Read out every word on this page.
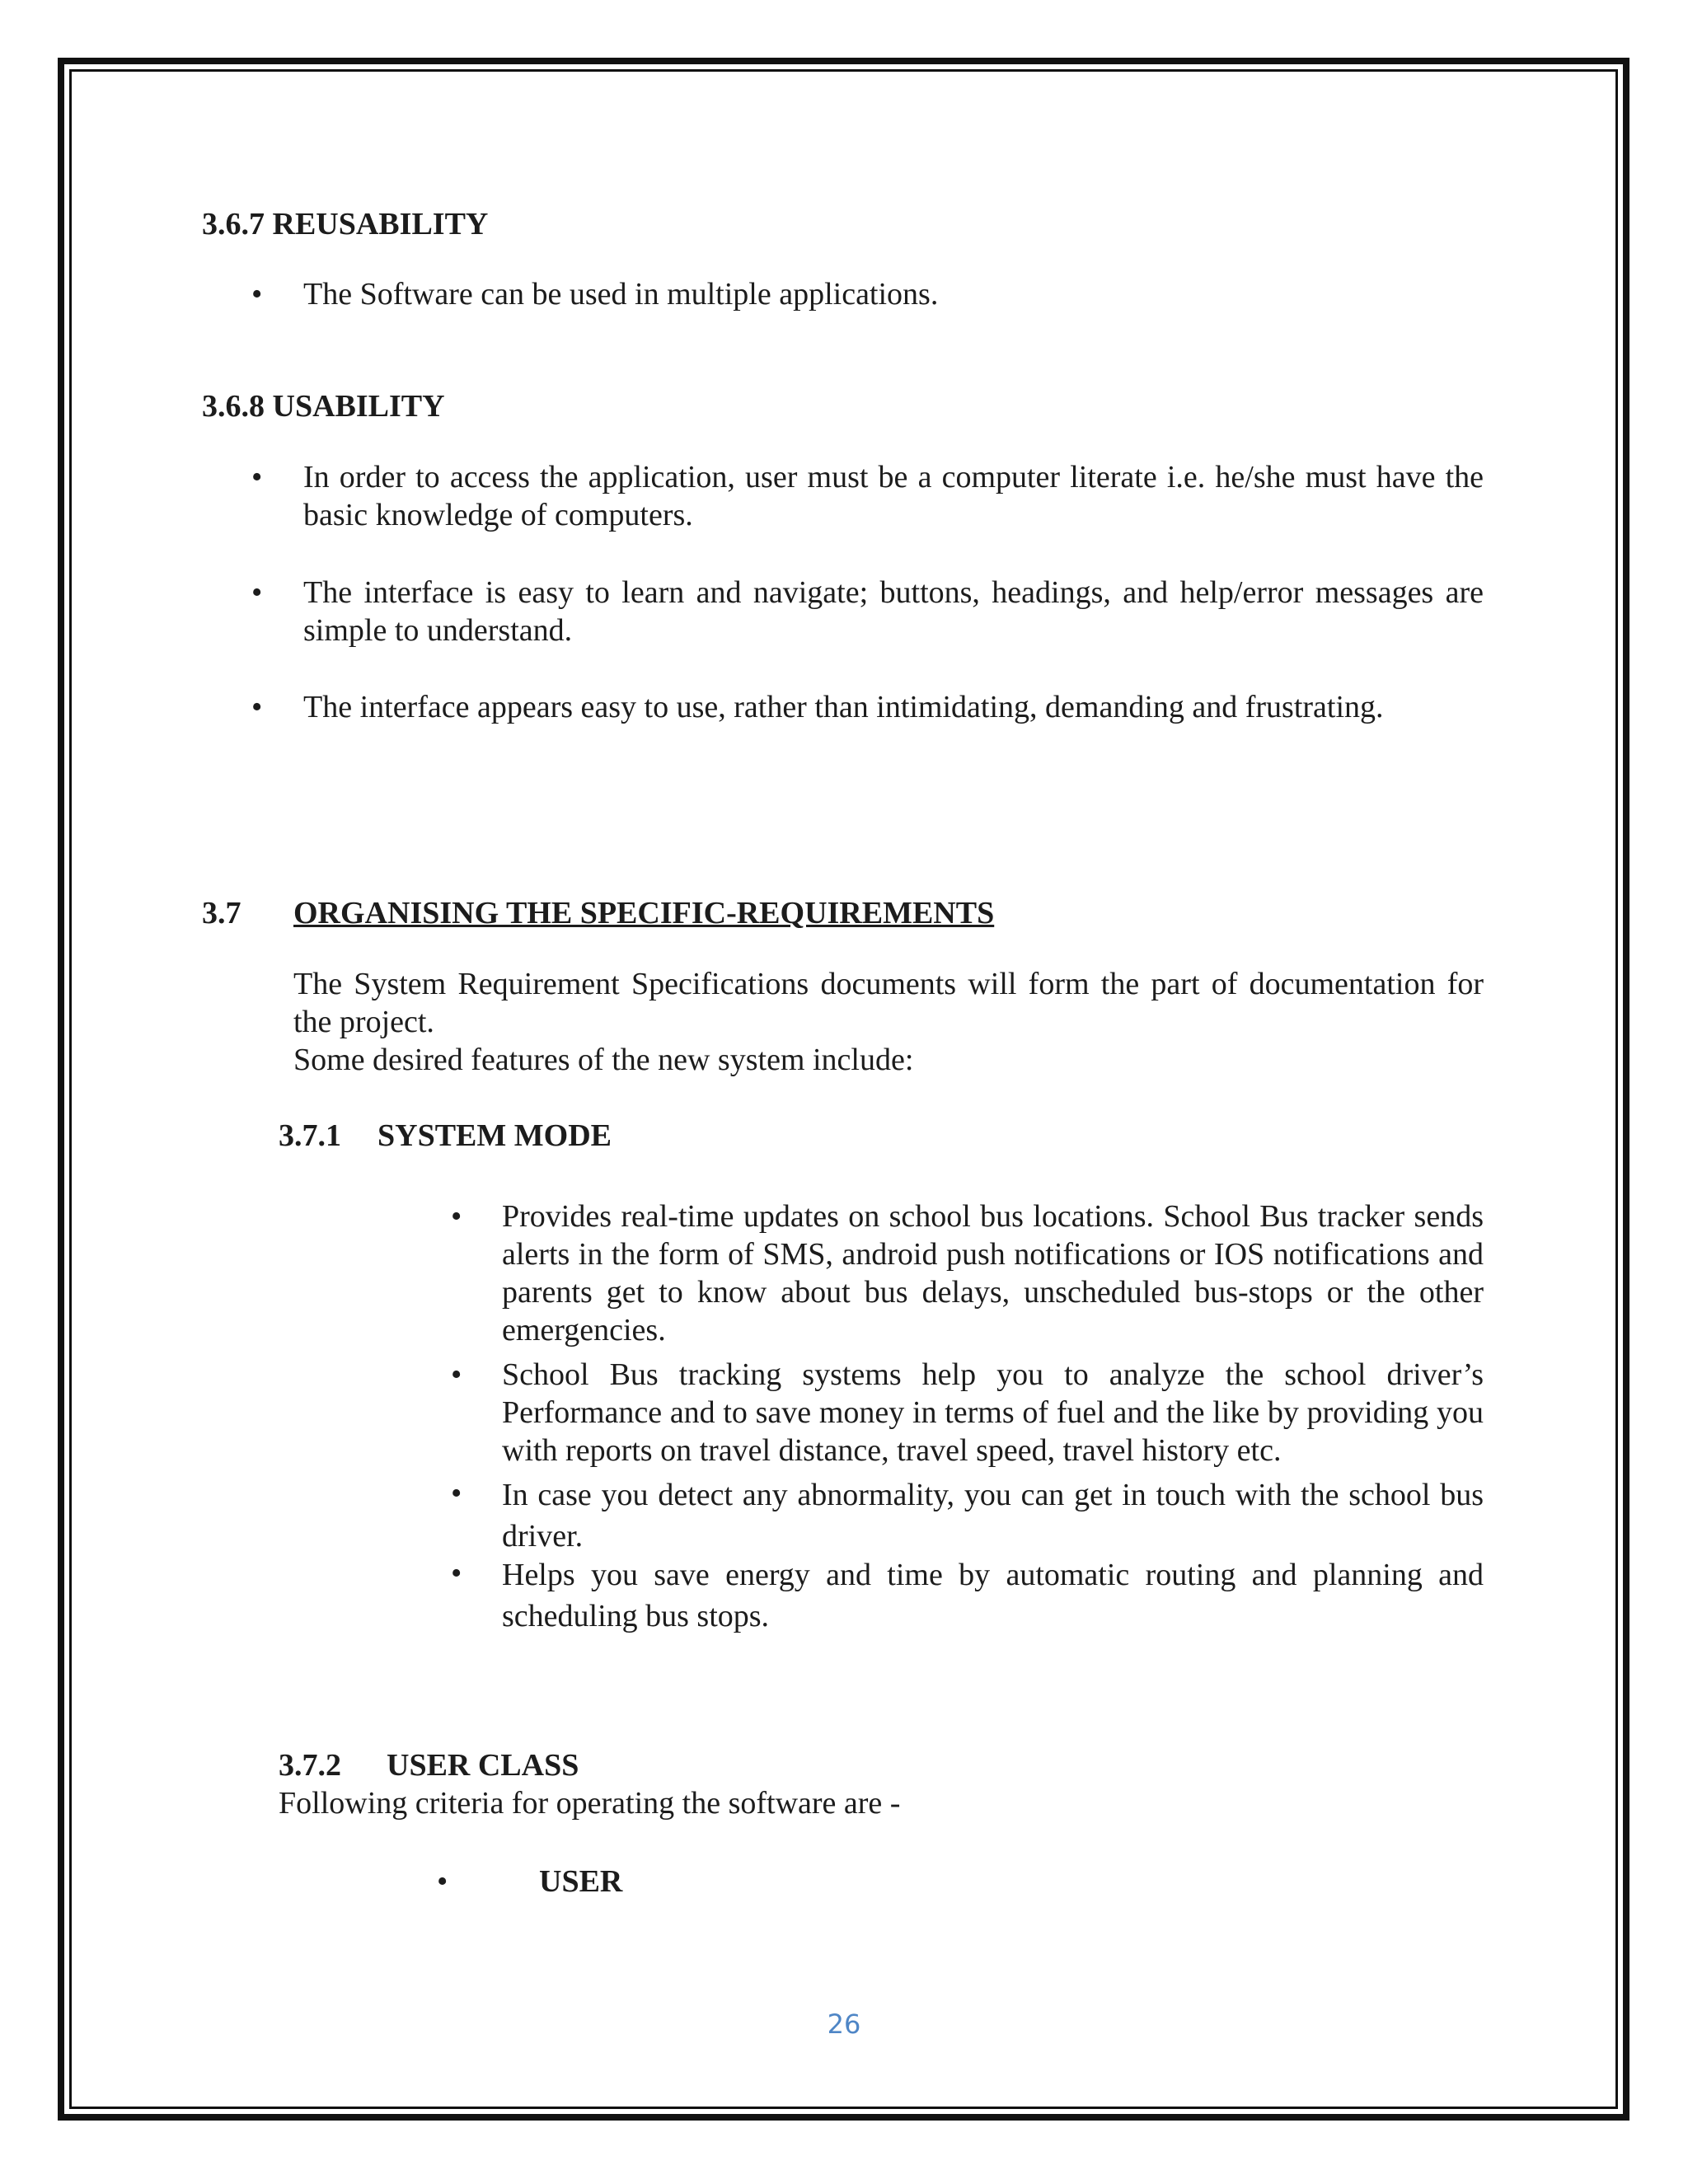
3.6.7 REUSABILITY
• The Software can be used in multiple applications.
3.6.8 USABILITY
• In order to access the application, user must be a computer literate i.e. he/she must have the basic knowledge of computers.
• The interface is easy to learn and navigate; buttons, headings, and help/error messages are simple to understand.
• The interface appears easy to use, rather than intimidating, demanding and frustrating.
3.7 ORGANISING THE SPECIFIC-REQUIREMENTS
The System Requirement Specifications documents will form the part of documentation for the project.
Some desired features of the new system include:
3.7.1 SYSTEM MODE
• Provides real-time updates on school bus locations. School Bus tracker sends alerts in the form of SMS, android push notifications or IOS notifications and parents get to know about bus delays, unscheduled bus-stops or the other emergencies.
• School Bus tracking systems help you to analyze the school driver’s Performance and to save money in terms of fuel and the like by providing you with reports on travel distance, travel speed, travel history etc.
• In case you detect any abnormality, you can get in touch with the school bus driver.
• Helps you save energy and time by automatic routing and planning and scheduling bus stops.
3.7.2 USER CLASS
Following criteria for operating the software are -
•	USER
26
